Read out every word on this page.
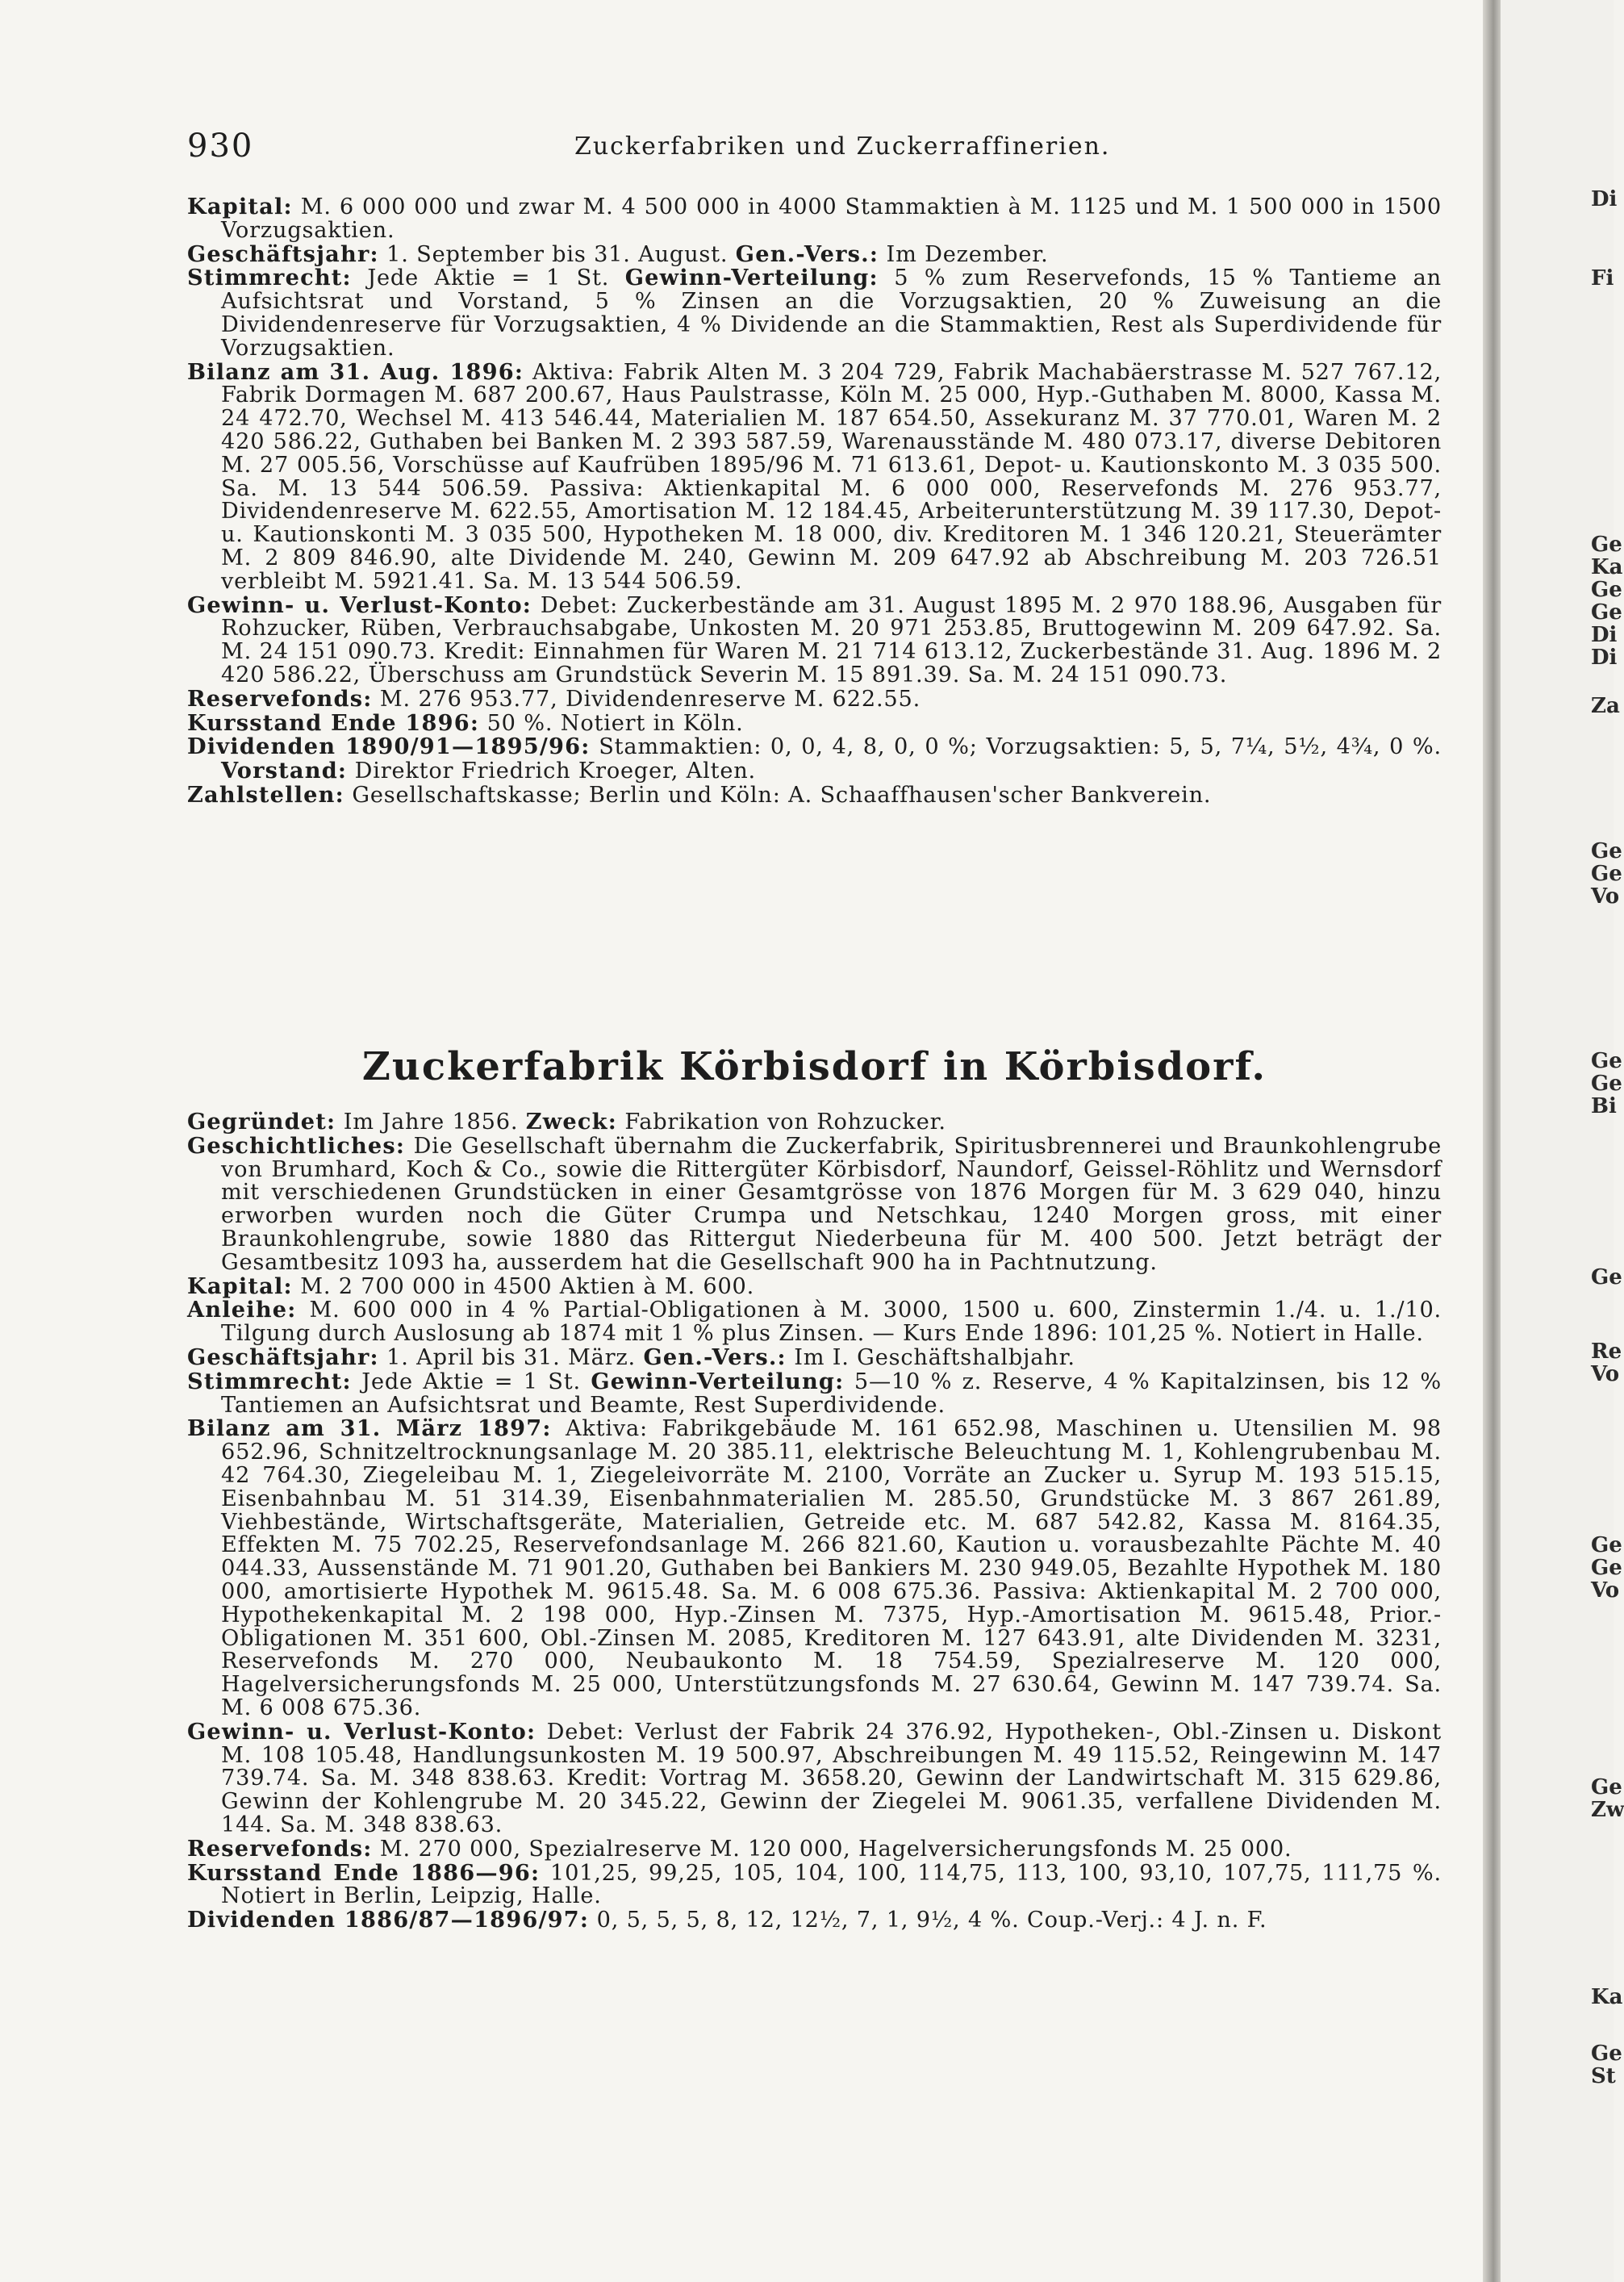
930	Zuckerfabriken und Zuckerraffinerien.

Kapital: M. 6 000 000 und zwar M. 4 500 000 in 4000 Stammaktien à M. 1125 und M. 1 500 000 in 1500 Vorzugsaktien.

Geschäftsjahr: 1. September bis 31. August. Gen.-Vers.: Im Dezember.

Stimmrecht: Jede Aktie = 1 St. Gewinn-Verteilung: 5 % zum Reservefonds, 15 % Tantieme an Aufsichtsrat und Vorstand, 5 % Zinsen an die Vorzugsaktien, 20 % Zuweisung an die Dividendenreserve für Vorzugsaktien, 4 % Dividende an die Stammaktien, Rest als Superdividende für Vorzugsaktien.

Bilanz am 31. Aug. 1896: Aktiva: Fabrik Alten M. 3 204 729, Fabrik Machabäerstrasse M. 527 767.12, Fabrik Dormagen M. 687 200.67, Haus Paulstrasse, Köln M. 25 000, Hyp.-Guthaben M. 8000, Kassa M. 24 472.70, Wechsel M. 413 546.44, Materialien M. 187 654.50, Assekuranz M. 37 770.01, Waren M. 2 420 586.22, Guthaben bei Banken M. 2 393 587.59, Warenausstände M. 480 073.17, diverse Debitoren M. 27 005.56, Vorschüsse auf Kaufrüben 1895/96 M. 71 613.61, Depot- u. Kautionskonto M. 3 035 500. Sa. M. 13 544 506.59. Passiva: Aktienkapital M. 6 000 000, Reservefonds M. 276 953.77, Dividendenreserve M. 622.55, Amortisation M. 12 184.45, Arbeiterunterstützung M. 39 117.30, Depot- u. Kautionskonti M. 3 035 500, Hypotheken M. 18 000, div. Kreditoren M. 1 346 120.21, Steuerämter M. 2 809 846.90, alte Dividende M. 240, Gewinn M. 209 647.92 ab Abschreibung M. 203 726.51 verbleibt M. 5921.41. Sa. M. 13 544 506.59.

Gewinn- u. Verlust-Konto: Debet: Zuckerbestände am 31. August 1895 M. 2 970 188.96, Ausgaben für Rohzucker, Rüben, Verbrauchsabgabe, Unkosten M. 20 971 253.85, Bruttogewinn M. 209 647.92. Sa. M. 24 151 090.73. Kredit: Einnahmen für Waren M. 21 714 613.12, Zuckerbestände 31. Aug. 1896 M. 2 420 586.22, Überschuss am Grundstück Severin M. 15 891.39. Sa. M. 24 151 090.73.

Reservefonds: M. 276 953.77, Dividendenreserve M. 622.55.

Kursstand Ende 1896: 50 %. Notiert in Köln.

Dividenden 1890/91—1895/96: Stammaktien: 0, 0, 4, 8, 0, 0 %; Vorzugsaktien: 5, 5, 7¼, 5½, 4¾, 0 %. Vorstand: Direktor Friedrich Kroeger, Alten.

Zahlstellen: Gesellschaftskasse; Berlin und Köln: A. Schaaffhausen'scher Bankverein.

Zuckerfabrik Körbisdorf in Körbisdorf.

Gegründet: Im Jahre 1856. Zweck: Fabrikation von Rohzucker.

Geschichtliches: Die Gesellschaft übernahm die Zuckerfabrik, Spiritusbrennerei und Braunkohlengrube von Brumhard, Koch & Co., sowie die Rittergüter Körbisdorf, Naundorf, Geissel-Röhlitz und Wernsdorf mit verschiedenen Grundstücken in einer Gesamtgrösse von 1876 Morgen für M. 3 629 040, hinzu erworben wurden noch die Güter Crumpa und Netschkau, 1240 Morgen gross, mit einer Braunkohlengrube, sowie 1880 das Rittergut Niederbeuna für M. 400 500. Jetzt beträgt der Gesamtbesitz 1093 ha, ausserdem hat die Gesellschaft 900 ha in Pachtnutzung.

Kapital: M. 2 700 000 in 4500 Aktien à M. 600.

Anleihe: M. 600 000 in 4 % Partial-Obligationen à M. 3000, 1500 u. 600, Zinstermin 1./4. u. 1./10. Tilgung durch Auslosung ab 1874 mit 1 % plus Zinsen. — Kurs Ende 1896: 101,25 %. Notiert in Halle.

Geschäftsjahr: 1. April bis 31. März. Gen.-Vers.: Im I. Geschäftshalbjahr.

Stimmrecht: Jede Aktie = 1 St. Gewinn-Verteilung: 5—10 % z. Reserve, 4 % Kapitalzinsen, bis 12 % Tantiemen an Aufsichtsrat und Beamte, Rest Superdividende.

Bilanz am 31. März 1897: Aktiva: Fabrikgebäude M. 161 652.98, Maschinen u. Utensilien M. 98 652.96, Schnitzeltrocknungsanlage M. 20 385.11, elektrische Beleuchtung M. 1, Kohlengrubenbau M. 42 764.30, Ziegeleibau M. 1, Ziegeleivorräte M. 2100, Vorräte an Zucker u. Syrup M. 193 515.15, Eisenbahnbau M. 51 314.39, Eisenbahnmaterialien M. 285.50, Grundstücke M. 3 867 261.89, Viehbestände, Wirtschaftsgeräte, Materialien, Getreide etc. M. 687 542.82, Kassa M. 8164.35, Effekten M. 75 702.25, Reservefondsanlage M. 266 821.60, Kaution u. vorausbezahlte Pächte M. 40 044.33, Aussenstände M. 71 901.20, Guthaben bei Bankiers M. 230 949.05, Bezahlte Hypothek M. 180 000, amortisierte Hypothek M. 9615.48. Sa. M. 6 008 675.36. Passiva: Aktienkapital M. 2 700 000, Hypothekenkapital M. 2 198 000, Hyp.-Zinsen M. 7375, Hyp.-Amortisation M. 9615.48, Prior.-Obligationen M. 351 600, Obl.-Zinsen M. 2085, Kreditoren M. 127 643.91, alte Dividenden M. 3231, Reservefonds M. 270 000, Neubaukonto M. 18 754.59, Spezialreserve M. 120 000, Hagelversicherungsfonds M. 25 000, Unterstützungsfonds M. 27 630.64, Gewinn M. 147 739.74. Sa. M. 6 008 675.36.

Gewinn- u. Verlust-Konto: Debet: Verlust der Fabrik 24 376.92, Hypotheken-, Obl.-Zinsen u. Diskont M. 108 105.48, Handlungsunkosten M. 19 500.97, Abschreibungen M. 49 115.52, Reingewinn M. 147 739.74. Sa. M. 348 838.63. Kredit: Vortrag M. 3658.20, Gewinn der Landwirtschaft M. 315 629.86, Gewinn der Kohlengrube M. 20 345.22, Gewinn der Ziegelei M. 9061.35, verfallene Dividenden M. 144. Sa. M. 348 838.63.

Reservefonds: M. 270 000, Spezialreserve M. 120 000, Hagelversicherungsfonds M. 25 000.

Kursstand Ende 1886—96: 101,25, 99,25, 105, 104, 100, 114,75, 113, 100, 93,10, 107,75, 111,75 %. Notiert in Berlin, Leipzig, Halle.

Dividenden 1886/87—1896/97: 0, 5, 5, 5, 8, 12, 12½, 7, 1, 9½, 4 %. Coup.-Verj.: 4 J. n. F.

Di
Fi
Ge
Ka
Ge
Ge
Di
Di
Za
Ge
Ge
Vo
Ge
Ge
Bi
Ge
Re
Vo
Ge
Ge
Vo
Ge
Zw
Ka
Ge
St
